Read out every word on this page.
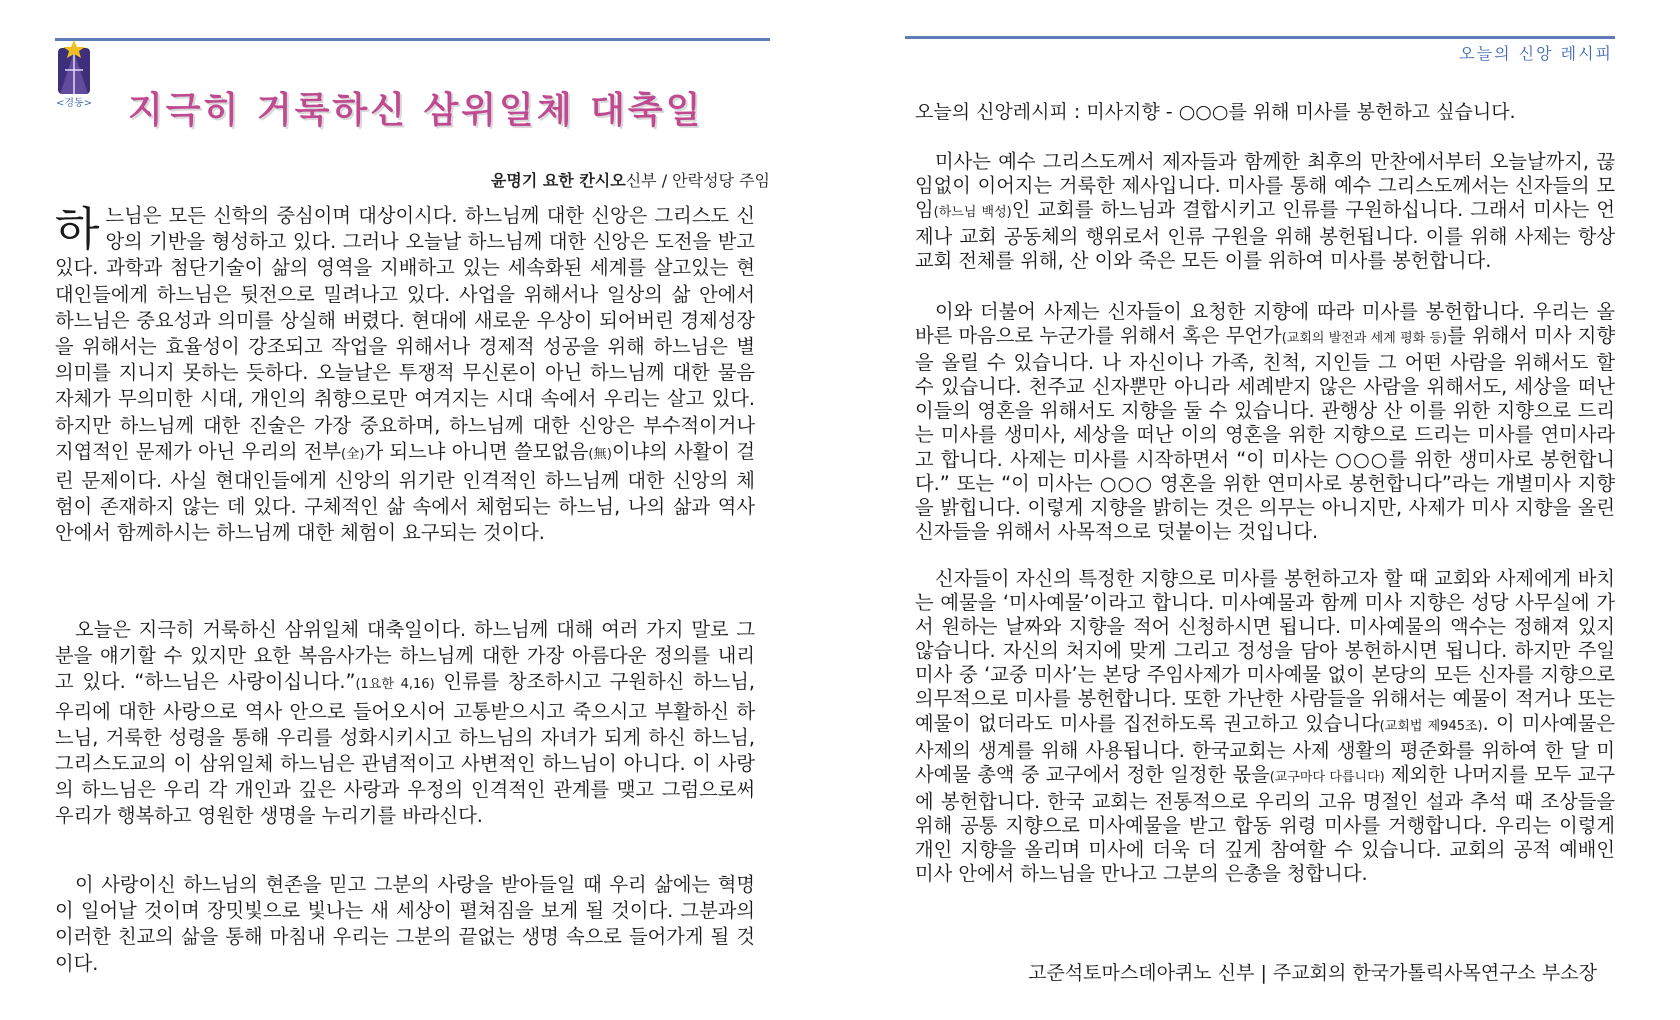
<경동> 지극히 거룩하신 삼위일체 대축일
윤명기 요한 칸시오신부 / 안락성당 주임

하느님은 모든 신학의 중심이며 대상이시다. 하느님께 대한 신앙은 그리스도 신앙의 기반을 형성하고 있다. 그러나 오늘날 하느님께 대한 신앙은 도전을 받고 있다. 과학과 첨단기술이 삶의 영역을 지배하고 있는 세속화된 세계를 살고있는 현대인들에게 하느님은 뒷전으로 밀려나고 있다. 사업을 위해서나 일상의 삶 안에서 하느님은 중요성과 의미를 상실해 버렸다. 현대에 새로운 우상이 되어버린 경제성장을 위해서는 효율성이 강조되고 작업을 위해서나 경제적 성공을 위해 하느님은 별 의미를 지니지 못하는 듯하다. 오늘날은 투쟁적 무신론이 아닌 하느님께 대한 물음 자체가 무의미한 시대, 개인의 취향으로만 여겨지는 시대 속에서 우리는 살고 있다. 하지만 하느님께 대한 진술은 가장 중요하며, 하느님께 대한 신앙은 부수적이거나 지엽적인 문제가 아닌 우리의 전부(全)가 되느냐 아니면 쓸모없음(無)이냐의 사활이 걸린 문제이다. 사실 현대인들에게 신앙의 위기란 인격적인 하느님께 대한 신앙의 체험이 존재하지 않는 데 있다. 구체적인 삶 속에서 체험되는 하느님, 나의 삶과 역사 안에서 함께하시는 하느님께 대한 체험이 요구되는 것이다.

오늘은 지극히 거룩하신 삼위일체 대축일이다. 하느님께 대해 여러 가지 말로 그분을 얘기할 수 있지만 요한 복음사가는 하느님께 대한 가장 아름다운 정의를 내리고 있다. “하느님은 사랑이십니다.”(1요한 4,16) 인류를 창조하시고 구원하신 하느님, 우리에 대한 사랑으로 역사 안으로 들어오시어 고통받으시고 죽으시고 부활하신 하느님, 거룩한 성령을 통해 우리를 성화시키시고 하느님의 자녀가 되게 하신 하느님, 그리스도교의 이 삼위일체 하느님은 관념적이고 사변적인 하느님이 아니다. 이 사랑의 하느님은 우리 각 개인과 깊은 사랑과 우정의 인격적인 관계를 맺고 그럼으로써 우리가 행복하고 영원한 생명을 누리기를 바라신다.

이 사랑이신 하느님의 현존을 믿고 그분의 사랑을 받아들일 때 우리 삶에는 혁명이 일어날 것이며 장밋빛으로 빛나는 새 세상이 펼쳐짐을 보게 될 것이다. 그분과의 이러한 친교의 삶을 통해 마침내 우리는 그분의 끝없는 생명 속으로 들어가게 될 것이다.

오늘의 신앙 레시피

오늘의 신앙레시피 : 미사지향 - ○○○를 위해 미사를 봉헌하고 싶습니다.

미사는 예수 그리스도께서 제자들과 함께한 최후의 만찬에서부터 오늘날까지, 끊임없이 이어지는 거룩한 제사입니다. 미사를 통해 예수 그리스도께서는 신자들의 모임(하느님 백성)인 교회를 하느님과 결합시키고 인류를 구원하십니다. 그래서 미사는 언제나 교회 공동체의 행위로서 인류 구원을 위해 봉헌됩니다. 이를 위해 사제는 항상 교회 전체를 위해, 산 이와 죽은 모든 이를 위하여 미사를 봉헌합니다.

이와 더불어 사제는 신자들이 요청한 지향에 따라 미사를 봉헌합니다. 우리는 올바른 마음으로 누군가를 위해서 혹은 무언가(교회의 발전과 세계 평화 등)를 위해서 미사 지향을 올릴 수 있습니다. 나 자신이나 가족, 친척, 지인들 그 어떤 사람을 위해서도 할 수 있습니다. 천주교 신자뿐만 아니라 세례받지 않은 사람을 위해서도, 세상을 떠난 이들의 영혼을 위해서도 지향을 둘 수 있습니다. 관행상 산 이를 위한 지향으로 드리는 미사를 생미사, 세상을 떠난 이의 영혼을 위한 지향으로 드리는 미사를 연미사라고 합니다. 사제는 미사를 시작하면서 “이 미사는 ○○○를 위한 생미사로 봉헌합니다.” 또는 “이 미사는 ○○○ 영혼을 위한 연미사로 봉헌합니다”라는 개별미사 지향을 밝힙니다. 이렇게 지향을 밝히는 것은 의무는 아니지만, 사제가 미사 지향을 올린 신자들을 위해서 사목적으로 덧붙이는 것입니다.

신자들이 자신의 특정한 지향으로 미사를 봉헌하고자 할 때 교회와 사제에게 바치는 예물을 ‘미사예물’이라고 합니다. 미사예물과 함께 미사 지향은 성당 사무실에 가서 원하는 날짜와 지향을 적어 신청하시면 됩니다. 미사예물의 액수는 정해져 있지 않습니다. 자신의 처지에 맞게 그리고 정성을 담아 봉헌하시면 됩니다. 하지만 주일 미사 중 ‘교중 미사’는 본당 주임사제가 미사예물 없이 본당의 모든 신자를 지향으로 의무적으로 미사를 봉헌합니다. 또한 가난한 사람들을 위해서는 예물이 적거나 또는 예물이 없더라도 미사를 집전하도록 권고하고 있습니다(교회법 제945조). 이 미사예물은 사제의 생계를 위해 사용됩니다. 한국교회는 사제 생활의 평준화를 위하여 한 달 미사예물 총액 중 교구에서 정한 일정한 몫을(교구마다 다릅니다) 제외한 나머지를 모두 교구에 봉헌합니다. 한국 교회는 전통적으로 우리의 고유 명절인 설과 추석 때 조상들을 위해 공통 지향으로 미사예물을 받고 합동 위령 미사를 거행합니다. 우리는 이렇게 개인 지향을 올리며 미사에 더욱 더 깊게 참여할 수 있습니다. 교회의 공적 예배인 미사 안에서 하느님을 만나고 그분의 은총을 청합니다.

고준석토마스데아퀴노 신부 | 주교회의 한국가톨릭사목연구소 부소장
